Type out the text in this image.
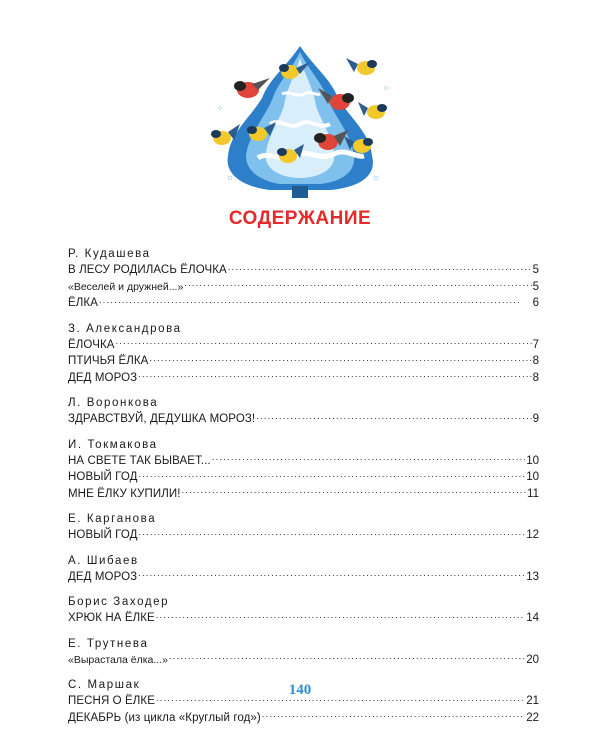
СОДЕРЖАНИЕ
Р. Кудашева
В ЛЕСУ РОДИЛАСЬ ЁЛОЧКА . . .	5
«Веселей и дружней...» . . .	5
ЁЛКА . . .	6
З. Александрова
ЁЛОЧКА . . .	7
ПТИЧЬЯ ЁЛКА . . .	8
ДЕД МОРОЗ . . .	8
Л. Воронкова
ЗДРАВСТВУЙ, ДЕДУШКА МОРОЗ! . . .	9
И. Токмакова
НА СВЕТЕ ТАК БЫВАЕТ... . . .	10
НОВЫЙ ГОД . . .	10
МНЕ ЁЛКУ КУПИЛИ! . . .	11
Е. Карганова
НОВЫЙ ГОД . . .	12
А. Шибаев
ДЕД МОРОЗ . . .	13
Борис Заходер
ХРЮК НА ЁЛКЕ . . .	14
Е. Трутнева
«Вырастала ёлка...» . . .	20
С. Маршак
ПЕСНЯ О ЁЛКЕ . . .	21
ДЕКАБРЬ (из цикла «Круглый год») . . .	22
140
